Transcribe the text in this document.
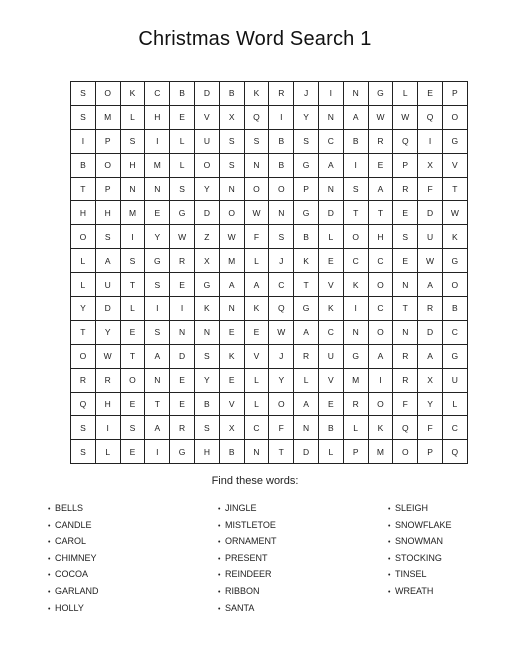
Christmas Word Search 1
S	O	K	C	B	D	B	K	R	J	I	N	G	L	E	P
S	M	L	H	E	V	X	Q	I	Y	N	A	W	W	Q	O
I	P	S	I	L	U	S	S	B	S	C	B	R	Q	I	G
B	O	H	M	L	O	S	N	B	G	A	I	E	P	X	V
T	P	N	N	S	Y	N	O	O	P	N	S	A	R	F	T
H	H	M	E	G	D	O	W	N	G	D	T	T	E	D	W
O	S	I	Y	W	Z	W	F	S	B	L	O	H	S	U	K
L	A	S	G	R	X	M	L	J	K	E	C	C	E	W	G
L	U	T	S	E	G	A	A	C	T	V	K	O	N	A	O
Y	D	L	I	I	K	N	K	Q	G	K	I	C	T	R	B
T	Y	E	S	N	N	E	E	W	A	C	N	O	N	D	C
O	W	T	A	D	S	K	V	J	R	U	G	A	R	A	G
R	R	O	N	E	Y	E	L	Y	L	V	M	I	R	X	U
Q	H	E	T	E	B	V	L	O	A	E	R	O	F	Y	L
S	I	S	A	R	S	X	C	F	N	B	L	K	Q	F	C
S	L	E	I	G	H	B	N	T	D	L	P	M	O	P	Q
Find these words:
• BELLS
• CANDLE
• CAROL
• CHIMNEY
• COCOA
• GARLAND
• HOLLY
• JINGLE
• MISTLETOE
• ORNAMENT
• PRESENT
• REINDEER
• RIBBON
• SANTA
• SLEIGH
• SNOWFLAKE
• SNOWMAN
• STOCKING
• TINSEL
• WREATH
